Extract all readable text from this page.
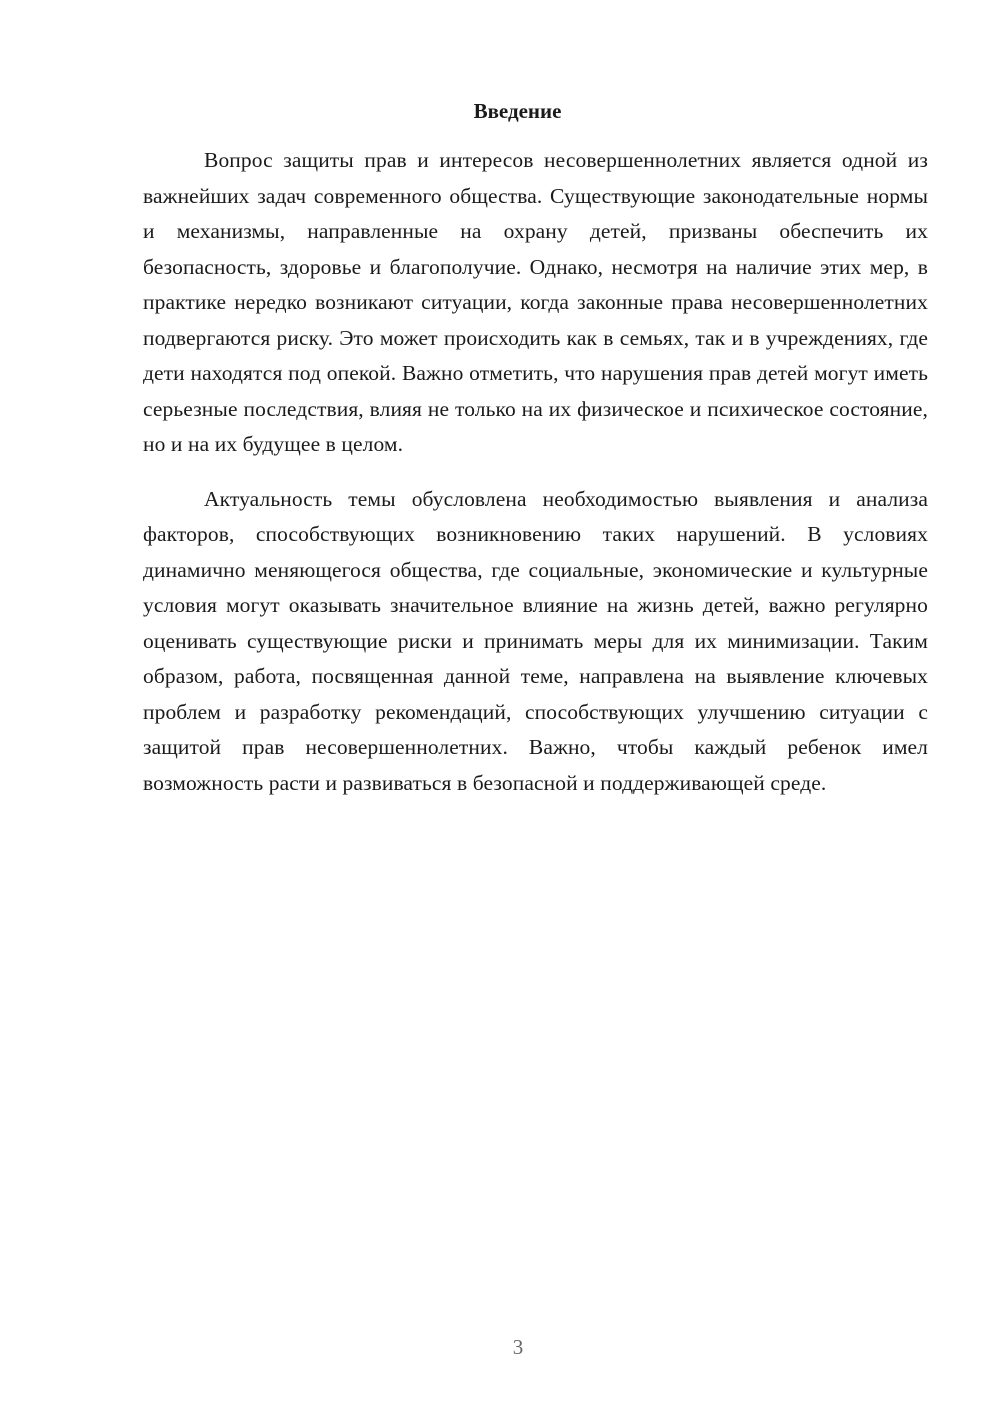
Введение

Вопрос защиты прав и интересов несовершеннолетних является одной из важнейших задач современного общества. Существующие законодательные нормы и механизмы, направленные на охрану детей, призваны обеспечить их безопасность, здоровье и благополучие. Однако, несмотря на наличие этих мер, в практике нередко возникают ситуации, когда законные права несовершеннолетних подвергаются риску. Это может происходить как в семьях, так и в учреждениях, где дети находятся под опекой. Важно отметить, что нарушения прав детей могут иметь серьезные последствия, влияя не только на их физическое и психическое состояние, но и на их будущее в целом.

Актуальность темы обусловлена необходимостью выявления и анализа факторов, способствующих возникновению таких нарушений. В условиях динамично меняющегося общества, где социальные, экономические и культурные условия могут оказывать значительное влияние на жизнь детей, важно регулярно оценивать существующие риски и принимать меры для их минимизации. Таким образом, работа, посвященная данной теме, направлена на выявление ключевых проблем и разработку рекомендаций, способствующих улучшению ситуации с защитой прав несовершеннолетних. Важно, чтобы каждый ребенок имел возможность расти и развиваться в безопасной и поддерживающей среде.

3
